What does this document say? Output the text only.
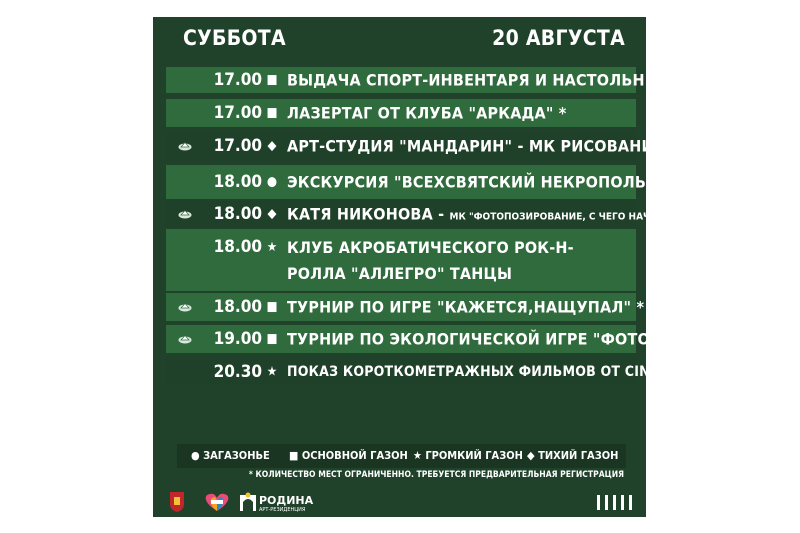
СУББОТА	20 АВГУСТА
17.00 ■ ВЫДАЧА СПОРТ-ИНВЕНТАРЯ И НАСТОЛЬНЫХ ИГР
17.00 ■ ЛАЗЕРТАГ ОТ КЛУБА "АРКАДА" *
17.00 ◆ АРТ-СТУДИЯ "МАНДАРИН" - МК РИСОВАНИЕ *
18.00 ● ЭКСКУРСИЯ "ВСЕХСВЯТСКИЙ НЕКРОПОЛЬ" *
18.00 ◆ КАТЯ НИКОНОВА - МК "ФОТОПОЗИРОВАНИЕ, С ЧЕГО НАЧАТЬ? *
18.00 ★ КЛУБ АКРОБАТИЧЕСКОГО РОК-Н-РОЛЛА "АЛЛЕГРО" ТАНЦЫ
18.00 ■ ТУРНИР ПО ИГРЕ "КАЖЕТСЯ,НАЩУПАЛ" *
19.00 ■ ТУРНИР ПО ЭКОЛОГИЧЕСКОЙ ИГРЕ "ФОТОСИНТЕЗ" *
20.30 ★ ПОКАЗ КОРОТКОМЕТРАЖНЫХ ФИЛЬМОВ ОТ CINEPROMO
● ЗАГАЗОНЬЕ ■ ОСНОВНОЙ ГАЗОН ★ ГРОМКИЙ ГАЗОН ◆ ТИХИЙ ГАЗОН
* КОЛИЧЕСТВО МЕСТ ОГРАНИЧЕННО. ТРЕБУЕТСЯ ПРЕДВАРИТЕЛЬНАЯ РЕГИСТРАЦИЯ
РОДИНА
АРТ-РЕЗИДЕНЦИЯ
